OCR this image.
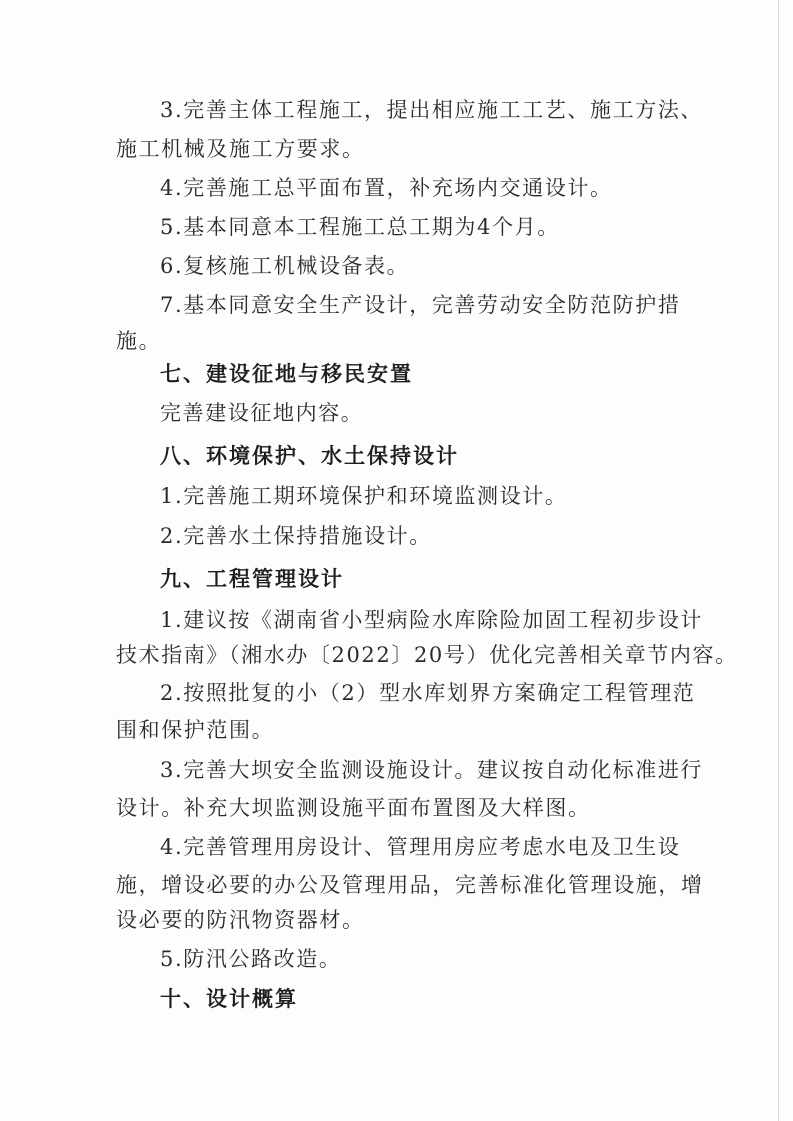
3.完善主体工程施工，提出相应施工工艺、施工方法、
施工机械及施工方要求。
4.完善施工总平面布置，补充场内交通设计。
5.基本同意本工程施工总工期为4个月。
6.复核施工机械设备表。
7.基本同意安全生产设计，完善劳动安全防范防护措
施。
七、建设征地与移民安置
完善建设征地内容。
八、环境保护、水土保持设计
1.完善施工期环境保护和环境监测设计。
2.完善水土保持措施设计。
九、工程管理设计
1.建议按《湖南省小型病险水库除险加固工程初步设计
技术指南》（湘水办〔2022〕20号）优化完善相关章节内容。
2.按照批复的小（2）型水库划界方案确定工程管理范
围和保护范围。
3.完善大坝安全监测设施设计。建议按自动化标准进行
设计。补充大坝监测设施平面布置图及大样图。
4.完善管理用房设计、管理用房应考虑水电及卫生设
施，增设必要的办公及管理用品，完善标准化管理设施，增
设必要的防汛物资器材。
5.防汛公路改造。
十、设计概算
